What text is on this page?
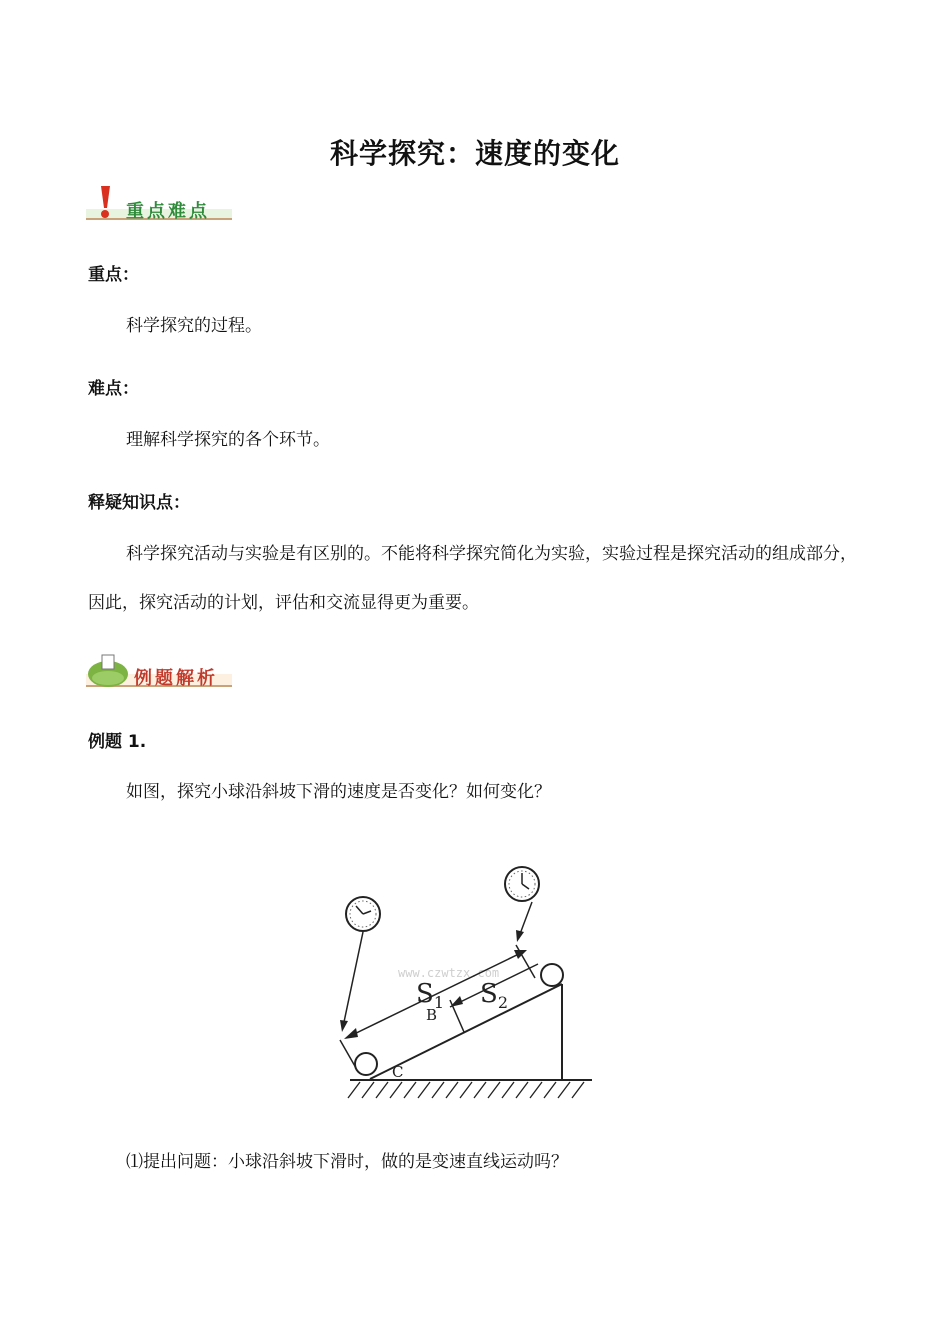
科学探究：速度的变化
重点难点
重点：
科学探究的过程。
难点：
理解科学探究的各个环节。
释疑知识点：
科学探究活动与实验是有区别的。不能将科学探究简化为实验，实验过程是探究活动的组成部分，因此，探究活动的计划，评估和交流显得更为重要。
例题解析
例题 1.
如图，探究小球沿斜坡下滑的速度是否变化？如何变化？
www.czwtzx.com
$S_1$ $S_2$
B
C
⑴提出问题：小球沿斜坡下滑时，做的是变速直线运动吗？
